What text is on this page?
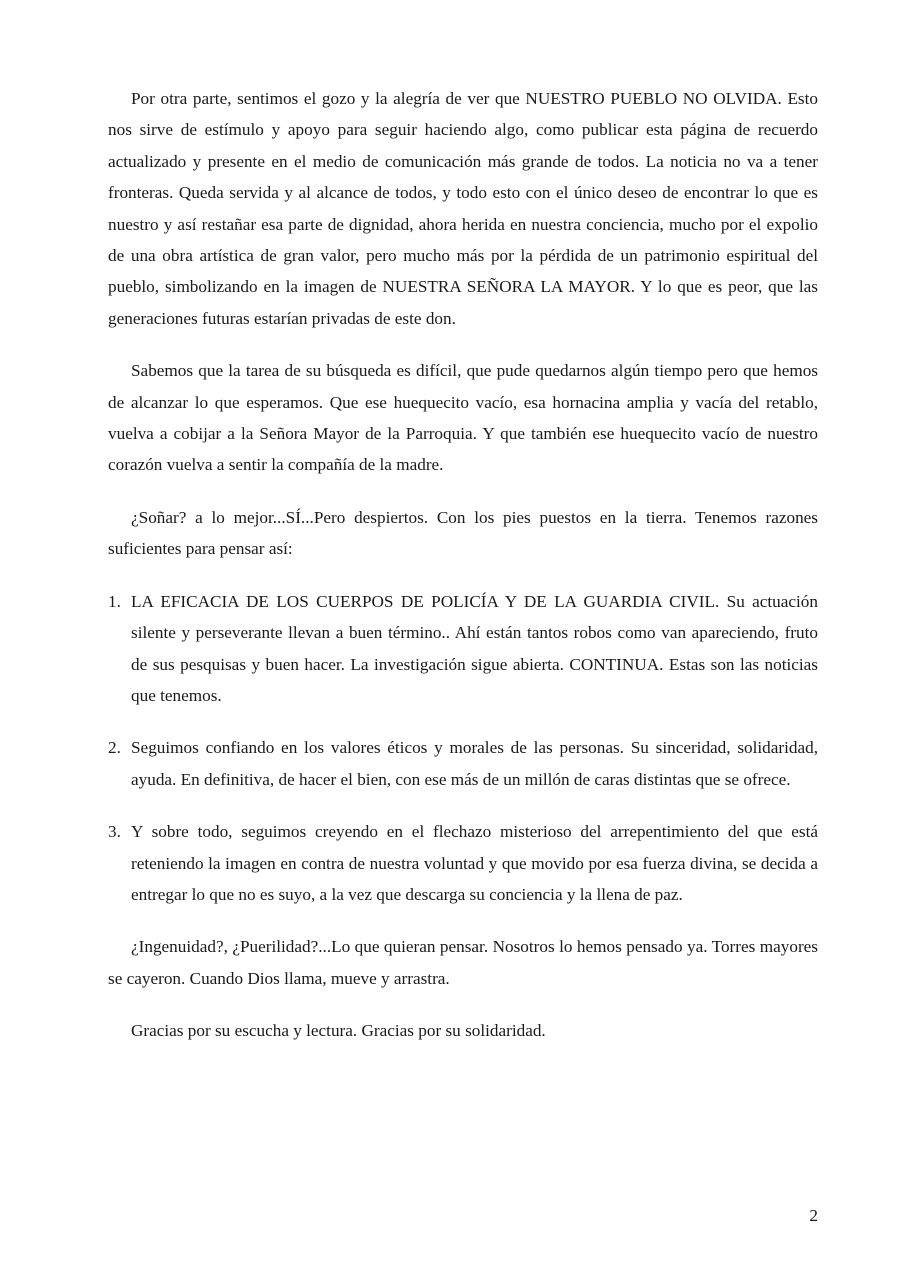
Por otra parte, sentimos el gozo y la alegría de ver que NUESTRO PUEBLO NO OLVIDA. Esto nos sirve de estímulo y apoyo para seguir haciendo algo, como publicar esta página de recuerdo actualizado y presente en el medio de comunicación más grande de todos. La noticia no va a tener fronteras. Queda servida y al alcance de todos, y todo esto con el único deseo de encontrar lo que es nuestro y así restañar esa parte de dignidad, ahora herida en nuestra conciencia, mucho por el expolio de una obra artística de gran valor, pero mucho más por la pérdida de un patrimonio espiritual del pueblo, simbolizando en la imagen de NUESTRA SEÑORA LA MAYOR. Y lo que es peor, que las generaciones futuras estarían privadas de este don.

Sabemos que la tarea de su búsqueda es difícil, que pude quedarnos algún tiempo pero que hemos de alcanzar lo que esperamos. Que ese huequecito vacío, esa hornacina amplia y vacía del retablo, vuelva a cobijar a la Señora Mayor de la Parroquia. Y que también ese huequecito vacío de nuestro corazón vuelva a sentir la compañía de la madre.

¿Soñar? a lo mejor...SÍ...Pero despiertos. Con los pies puestos en la tierra. Tenemos razones suficientes para pensar así:

1. LA EFICACIA DE LOS CUERPOS DE POLICÍA Y DE LA GUARDIA CIVIL. Su actuación silente y perseverante llevan a buen término.. Ahí están tantos robos como van apareciendo, fruto de sus pesquisas y buen hacer. La investigación sigue abierta. CONTINUA. Estas son las noticias que tenemos.
2. Seguimos confiando en los valores éticos y morales de las personas. Su sinceridad, solidaridad, ayuda. En definitiva, de hacer el bien, con ese más de un millón de caras distintas que se ofrece.
3. Y sobre todo, seguimos creyendo en el flechazo misterioso del arrepentimiento del que está reteniendo la imagen en contra de nuestra voluntad y que movido por esa fuerza divina, se decida a entregar lo que no es suyo, a la vez que descarga su conciencia y la llena de paz.

¿Ingenuidad?, ¿Puerilidad?...Lo que quieran pensar. Nosotros lo hemos pensado ya. Torres mayores se cayeron. Cuando Dios llama, mueve y arrastra.

Gracias por su escucha y lectura. Gracias por su solidaridad.

2
